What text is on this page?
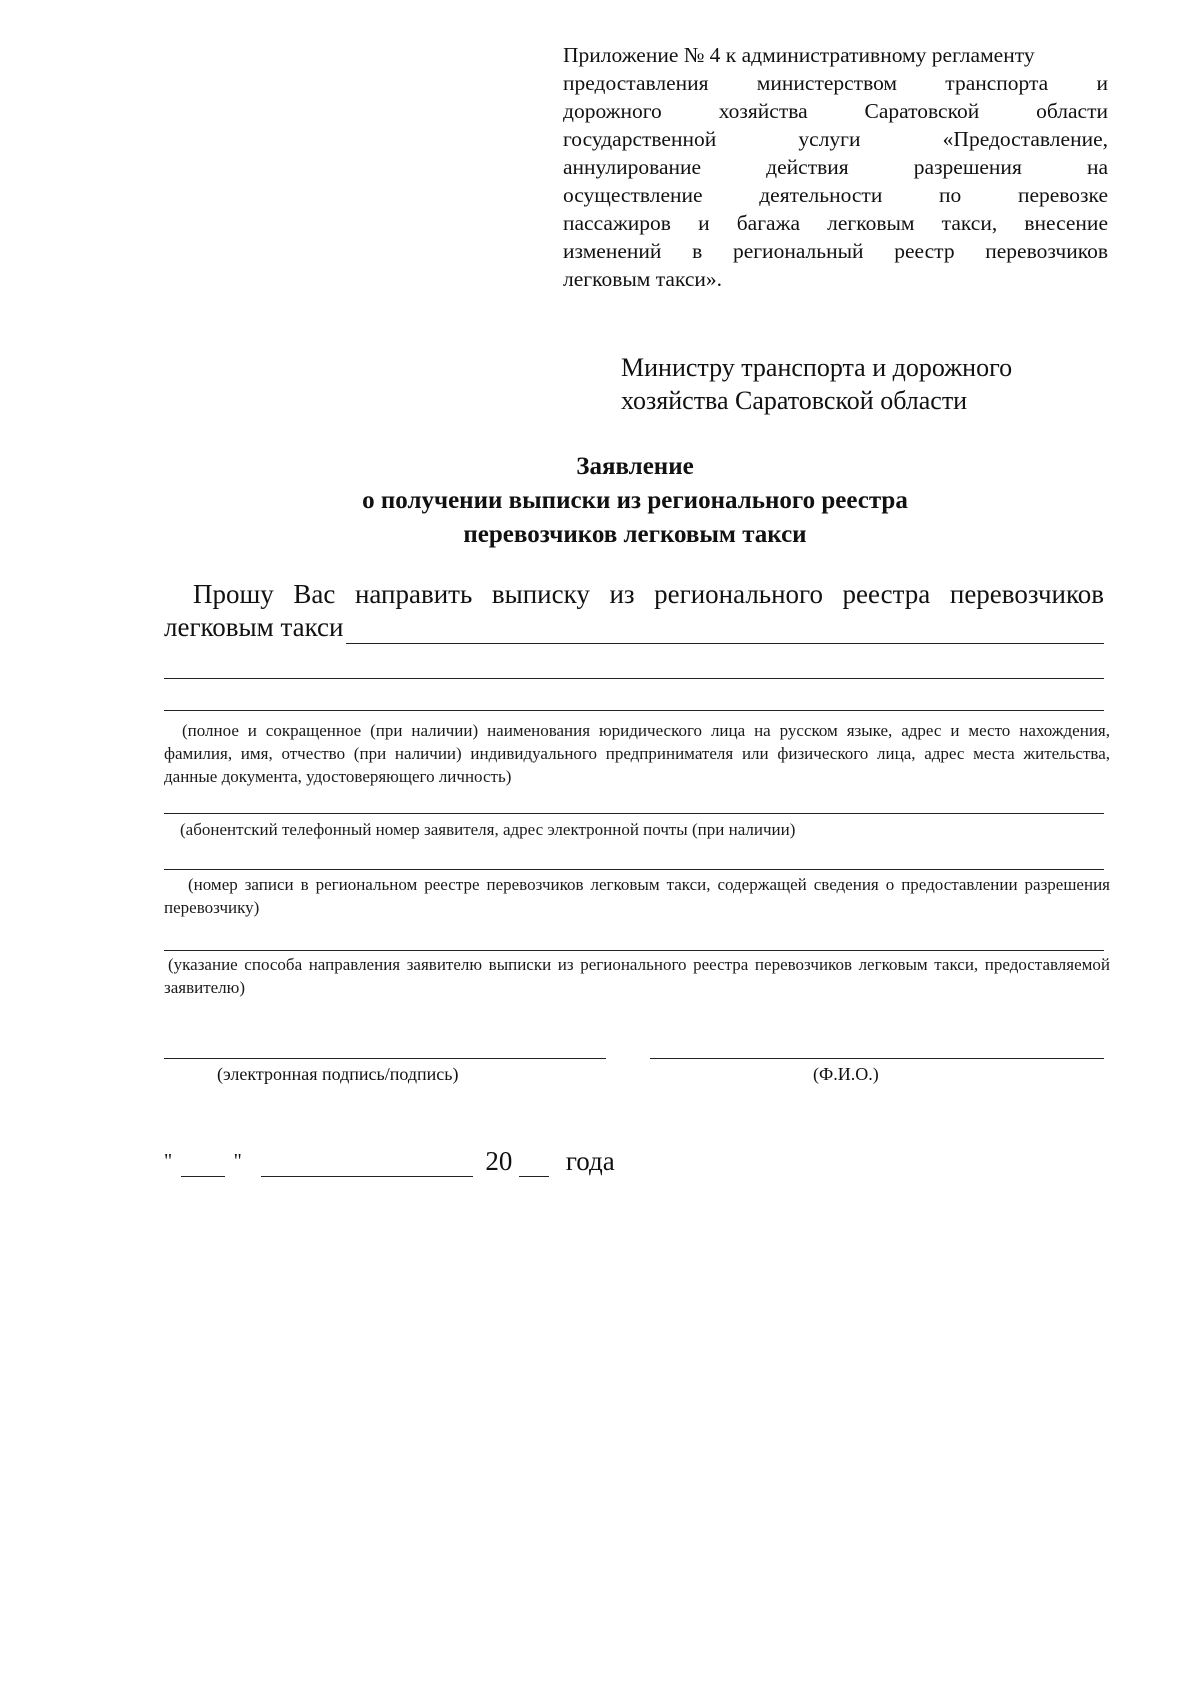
Приложение № 4 к административному регламенту
предоставления министерством транспорта и
дорожного хозяйства Саратовской области
государственной услуги «Предоставление,
аннулирование действия разрешения на
осуществление деятельности по перевозке
пассажиров и багажа легковым такси, внесение
изменений в региональный реестр перевозчиков
легковым такси».
Министру транспорта и дорожного
хозяйства Саратовской области
Заявление
о получении выписки из регионального реестра
перевозчиков легковым такси
Прошу Вас направить выписку из регионального реестра перевозчиков
легковым такси
(полное и сокращенное (при наличии) наименования юридического лица на русском языке, адрес и место нахождения, фамилия, имя, отчество (при наличии) индивидуального предпринимателя или физического лица, адрес места жительства, данные документа, удостоверяющего личность)
(абонентский телефонный номер заявителя, адрес электронной почты (при наличии)
(номер записи в региональном реестре перевозчиков легковым такси, содержащей сведения о предоставлении разрешения перевозчику)
(указание способа направления заявителю выписки из регионального реестра перевозчиков легковым такси, предоставляемой заявителю)
(электронная подпись/подпись)	(Ф.И.О.)
"	"	20 года
